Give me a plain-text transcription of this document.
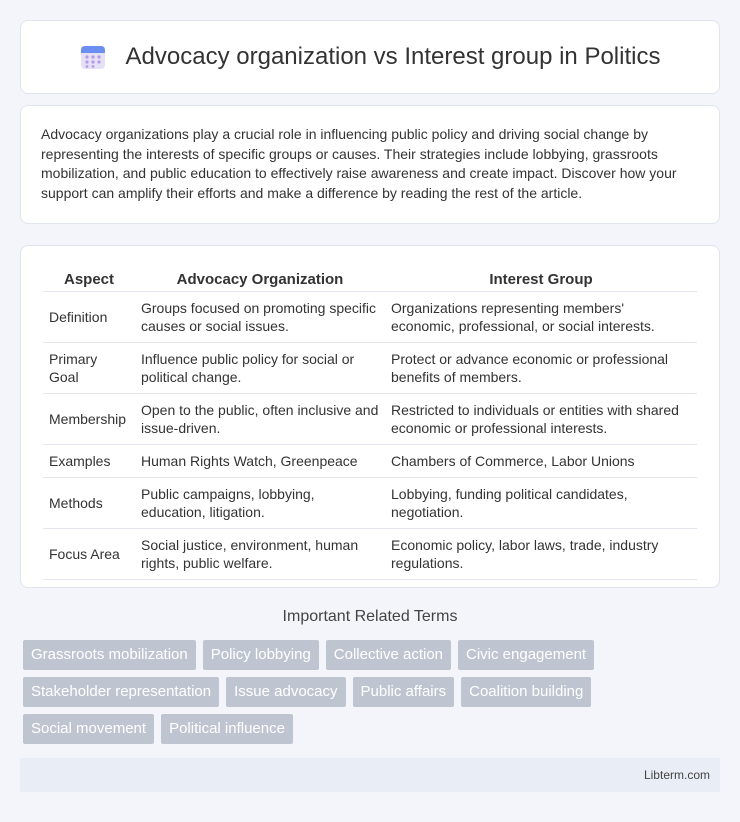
Advocacy organization vs Interest group in Politics

Advocacy organizations play a crucial role in influencing public policy and driving social change by representing the interests of specific groups or causes. Their strategies include lobbying, grassroots mobilization, and public education to effectively raise awareness and create impact. Discover how your support can amplify their efforts and make a difference by reading the rest of the article.

Aspect	Advocacy Organization	Interest Group
Definition	Groups focused on promoting specific causes or social issues.	Organizations representing members' economic, professional, or social interests.
Primary Goal	Influence public policy for social or political change.	Protect or advance economic or professional benefits of members.
Membership	Open to the public, often inclusive and issue-driven.	Restricted to individuals or entities with shared economic or professional interests.
Examples	Human Rights Watch, Greenpeace	Chambers of Commerce, Labor Unions
Methods	Public campaigns, lobbying, education, litigation.	Lobbying, funding political candidates, negotiation.
Focus Area	Social justice, environment, human rights, public welfare.	Economic policy, labor laws, trade, industry regulations.
Important Related Terms
Grassroots mobilization	Policy lobbying	Collective action	Civic engagement
Stakeholder representation	Issue advocacy	Public affairs	Coalition building
Social movement	Political influence
Libterm.com
